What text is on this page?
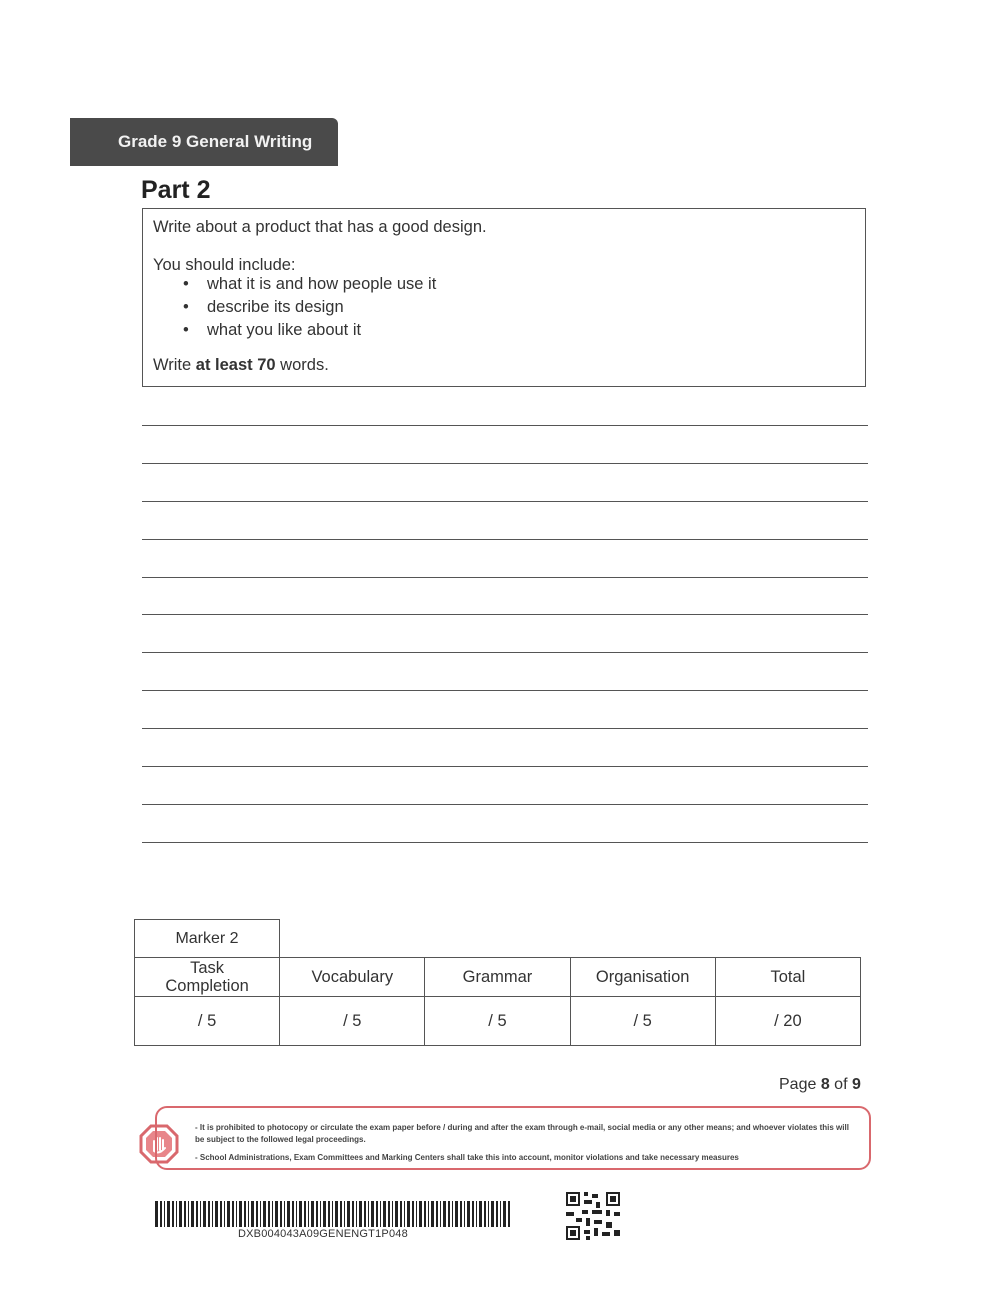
Grade 9 General Writing
Part 2
Write about a product that has a good design.
You should include:
• what it is and how people use it
• describe its design
• what you like about it
Write at least 70 words.
Marker 2
Task
Completion	Vocabulary	Grammar	Organisation	Total
/ 5	/ 5	/ 5	/ 5	/ 20
Page 8 of 9
- It is prohibited to photocopy or circulate the exam paper before / during and after the exam through e-mail, social media or any other means; and whoever violates this will be subject to the followed legal proceedings.
- School Administrations, Exam Committees and Marking Centers shall take this into account, monitor violations and take necessary measures
DXB004043A09GENENGT1P048
